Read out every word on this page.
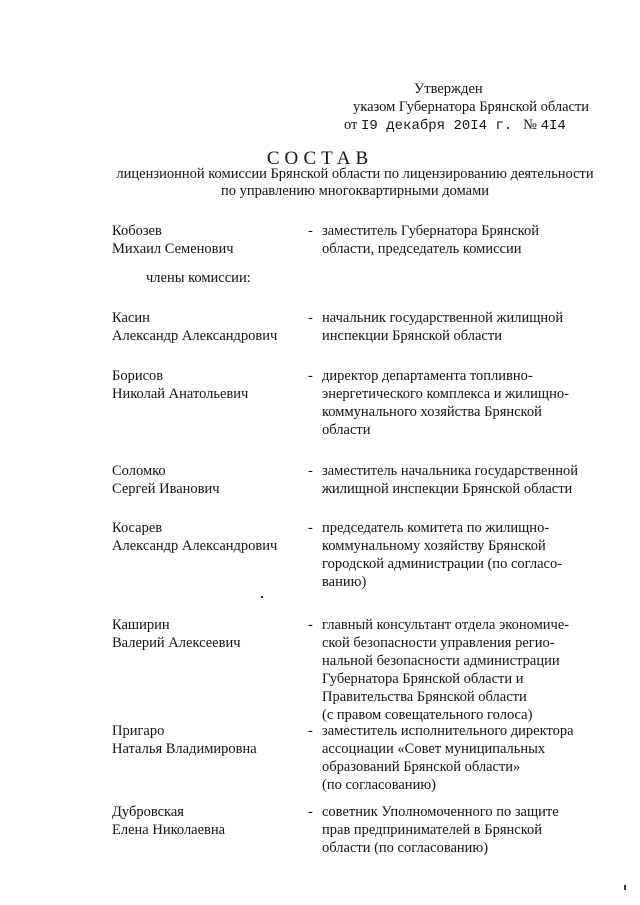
Утвержден
указом Губернатора Брянской области
от I9 декабря 20I4 г. № 4I4
СОСТАВ
лицензионной комиссии Брянской области по лицензированию деятельности
по управлению многоквартирными домами
члены комиссии:
Кобозев
Михаил Семенович
- заместитель Губернатора Брянской
области, председатель комиссии
Касин
Александр Александрович
- начальник государственной жилищной
инспекции Брянской области
Борисов
Николай Анатольевич
- директор департамента топливно-
энергетического комплекса и жилищно-
коммунального хозяйства Брянской
области
Соломко
Сергей Иванович
- заместитель начальника государственной
жилищной инспекции Брянской области
Косарев
Александр Александрович
- председатель комитета по жилищно-
коммунальному хозяйству Брянской
городской администрации (по согласо-
ванию)
Каширин
Валерий Алексеевич
- главный консультант отдела экономиче-
ской безопасности управления регио-
нальной безопасности администрации
Губернатора Брянской области и
Правительства Брянской области
(с правом совещательного голоса)
Пригаро
Наталья Владимировна
- заместитель исполнительного директора
ассоциации «Совет муниципальных
образований Брянской области»
(по согласованию)
Дубровская
Елена Николаевна
- советник Уполномоченного по защите
прав предпринимателей в Брянской
области (по согласованию)
